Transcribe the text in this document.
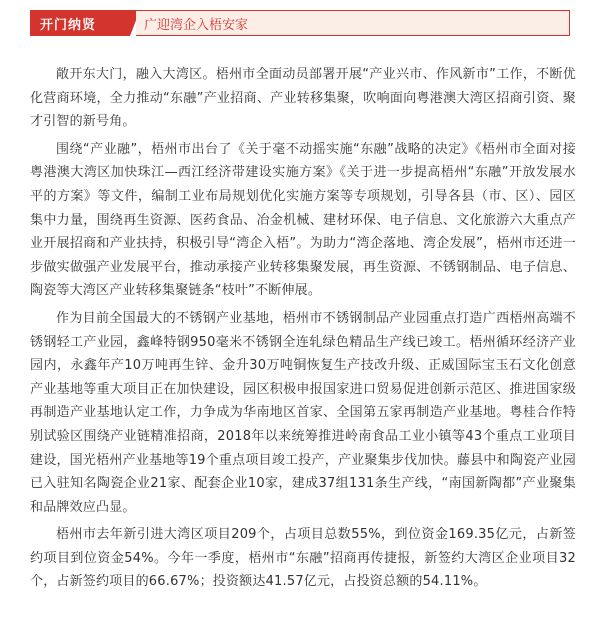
开门纳贤	广迎湾企入梧安家

敞开东大门，融入大湾区。梧州市全面动员部署开展“产业兴市、作风新市”工作，不断优化营商环境，全力推动“东融”产业招商、产业转移集聚，吹响面向粤港澳大湾区招商引资、聚才引智的新号角。

围绕“产业融”，梧州市出台了《关于毫不动摇实施“东融”战略的决定》《梧州市全面对接粤港澳大湾区加快珠江—西江经济带建设实施方案》《关于进一步提高梧州“东融”开放发展水平的方案》等文件，编制工业布局规划优化实施方案等专项规划，引导各县（市、区）、园区集中力量，围绕再生资源、医药食品、冶金机械、建材环保、电子信息、文化旅游六大重点产业开展招商和产业扶持，积极引导“湾企入梧”。为助力“湾企落地、湾企发展”，梧州市还进一步做实做强产业发展平台，推动承接产业转移集聚发展，再生资源、不锈钢制品、电子信息、陶瓷等大湾区产业转移集聚链条“枝叶”不断伸展。

作为目前全国最大的不锈钢产业基地，梧州市不锈钢制品产业园重点打造广西梧州高端不锈钢轻工产业园，鑫峰特钢950毫米不锈钢全连轧绿色精品生产线已竣工。梧州循环经济产业园内，永鑫年产10万吨再生锌、金升30万吨铜恢复生产技改升级、正威国际宝玉石文化创意产业基地等重大项目正在加快建设，园区积极申报国家进口贸易促进创新示范区、推进国家级再制造产业基地认定工作，力争成为华南地区首家、全国第五家再制造产业基地。粤桂合作特别试验区围绕产业链精准招商，2018年以来统筹推进岭南食品工业小镇等43个重点工业项目建设，国光梧州产业基地等19个重点项目竣工投产，产业聚集步伐加快。藤县中和陶瓷产业园已入驻知名陶瓷企业21家、配套企业10家，建成37组131条生产线，“南国新陶都”产业聚集和品牌效应凸显。

梧州市去年新引进大湾区项目209个，占项目总数55%，到位资金169.35亿元，占新签约项目到位资金54%。今年一季度，梧州市“东融”招商再传捷报，新签约大湾区企业项目32个，占新签约项目的66.67%；投资额达41.57亿元，占投资总额的54.11%。
